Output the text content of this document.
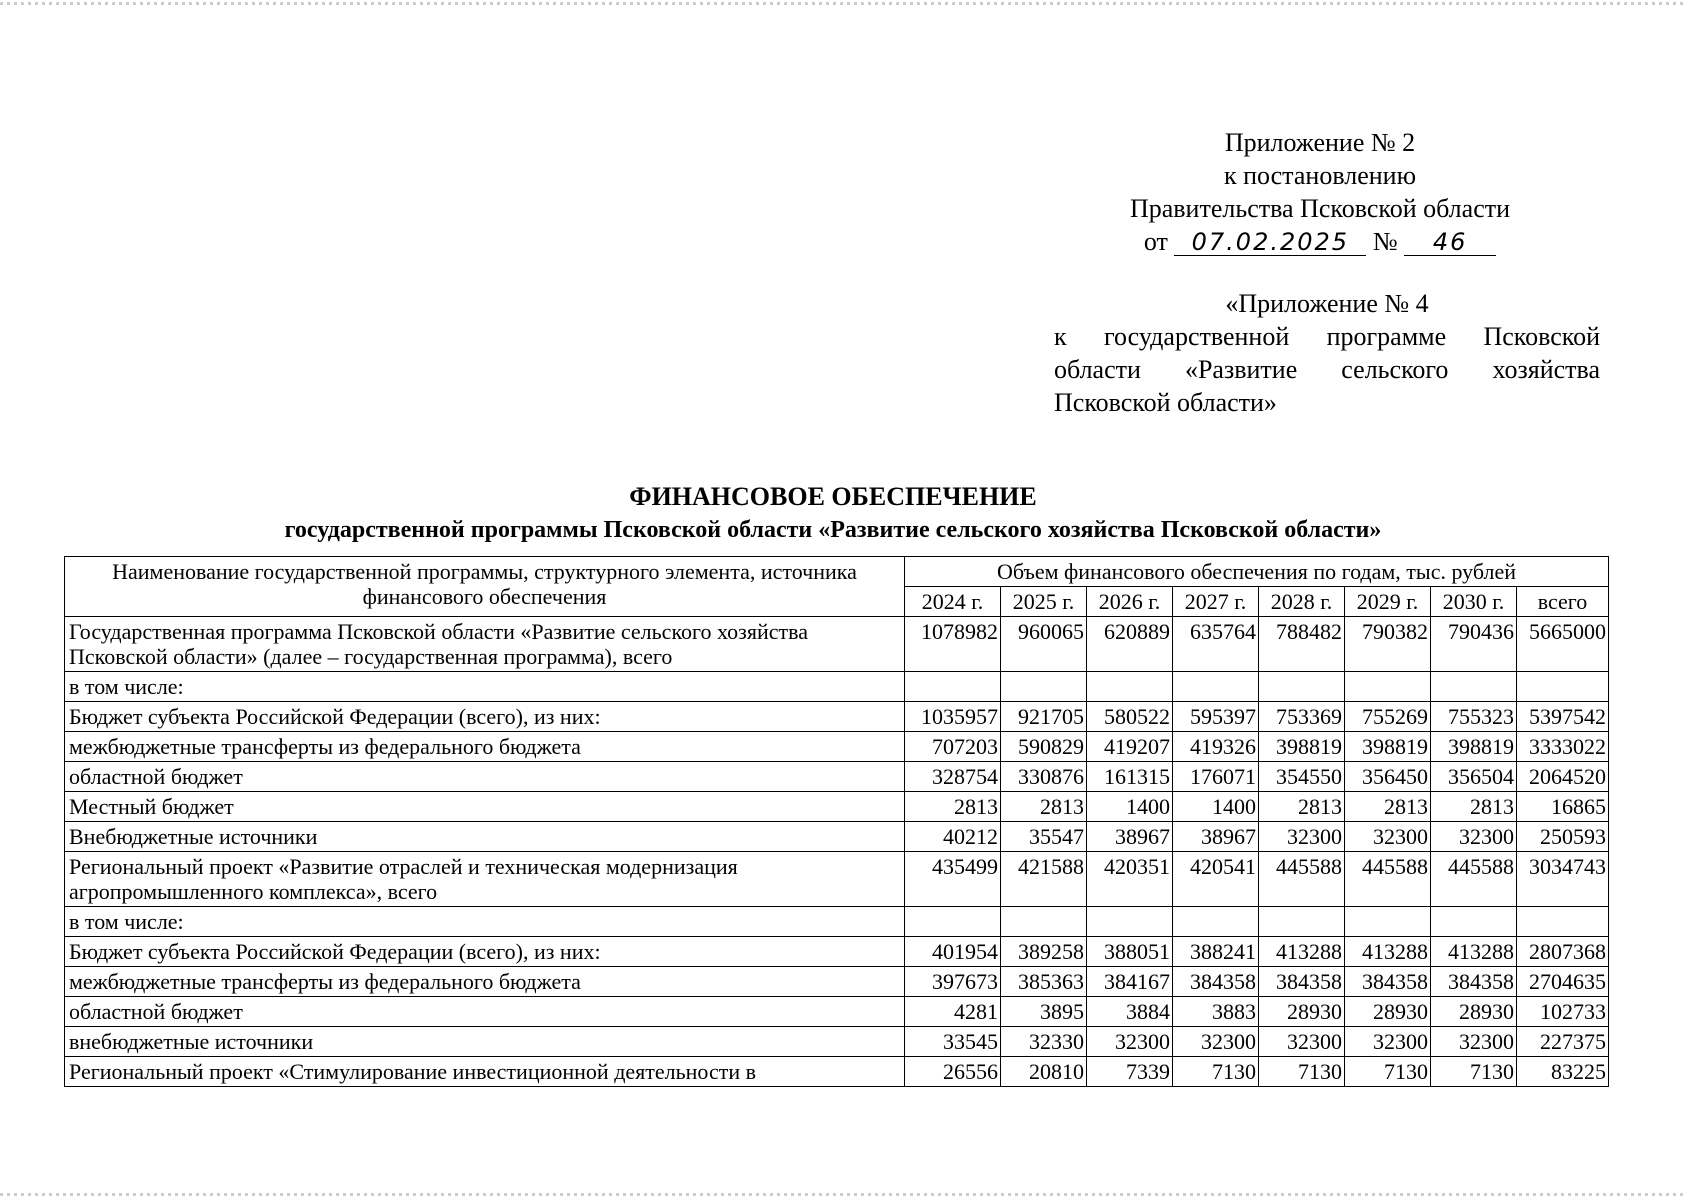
Приложение № 2
к постановлению
Правительства Псковской области
от 07.02.2025 № 46
«Приложение № 4
к государственной программе Псковской
области «Развитие сельского хозяйства
Псковской области»
ФИНАНСОВОЕ ОБЕСПЕЧЕНИЕ
государственной программы Псковской области «Развитие сельского хозяйства Псковской области»
Наименование государственной программы, структурного элемента, источника финансового обеспечения	Объем финансового обеспечения по годам, тыс. рублей							
	2024 г.	2025 г.	2026 г.	2027 г.	2028 г.	2029 г.	2030 г.	всего
Государственная программа Псковской области «Развитие сельского хозяйства Псковской области» (далее – государственная программа), всего	1078982	960065	620889	635764	788482	790382	790436	5665000
в том числе:								
Бюджет субъекта Российской Федерации (всего), из них:	1035957	921705	580522	595397	753369	755269	755323	5397542
межбюджетные трансферты из федерального бюджета	707203	590829	419207	419326	398819	398819	398819	3333022
областной бюджет	328754	330876	161315	176071	354550	356450	356504	2064520
Местный бюджет	2813	2813	1400	1400	2813	2813	2813	16865
Внебюджетные источники	40212	35547	38967	38967	32300	32300	32300	250593
Региональный проект «Развитие отраслей и техническая модернизация агропромышленного комплекса», всего	435499	421588	420351	420541	445588	445588	445588	3034743
в том числе:								
Бюджет субъекта Российской Федерации (всего), из них:	401954	389258	388051	388241	413288	413288	413288	2807368
межбюджетные трансферты из федерального бюджета	397673	385363	384167	384358	384358	384358	384358	2704635
областной бюджет	4281	3895	3884	3883	28930	28930	28930	102733
внебюджетные источники	33545	32330	32300	32300	32300	32300	32300	227375
Региональный проект «Стимулирование инвестиционной деятельности в	26556	20810	7339	7130	7130	7130	7130	83225
